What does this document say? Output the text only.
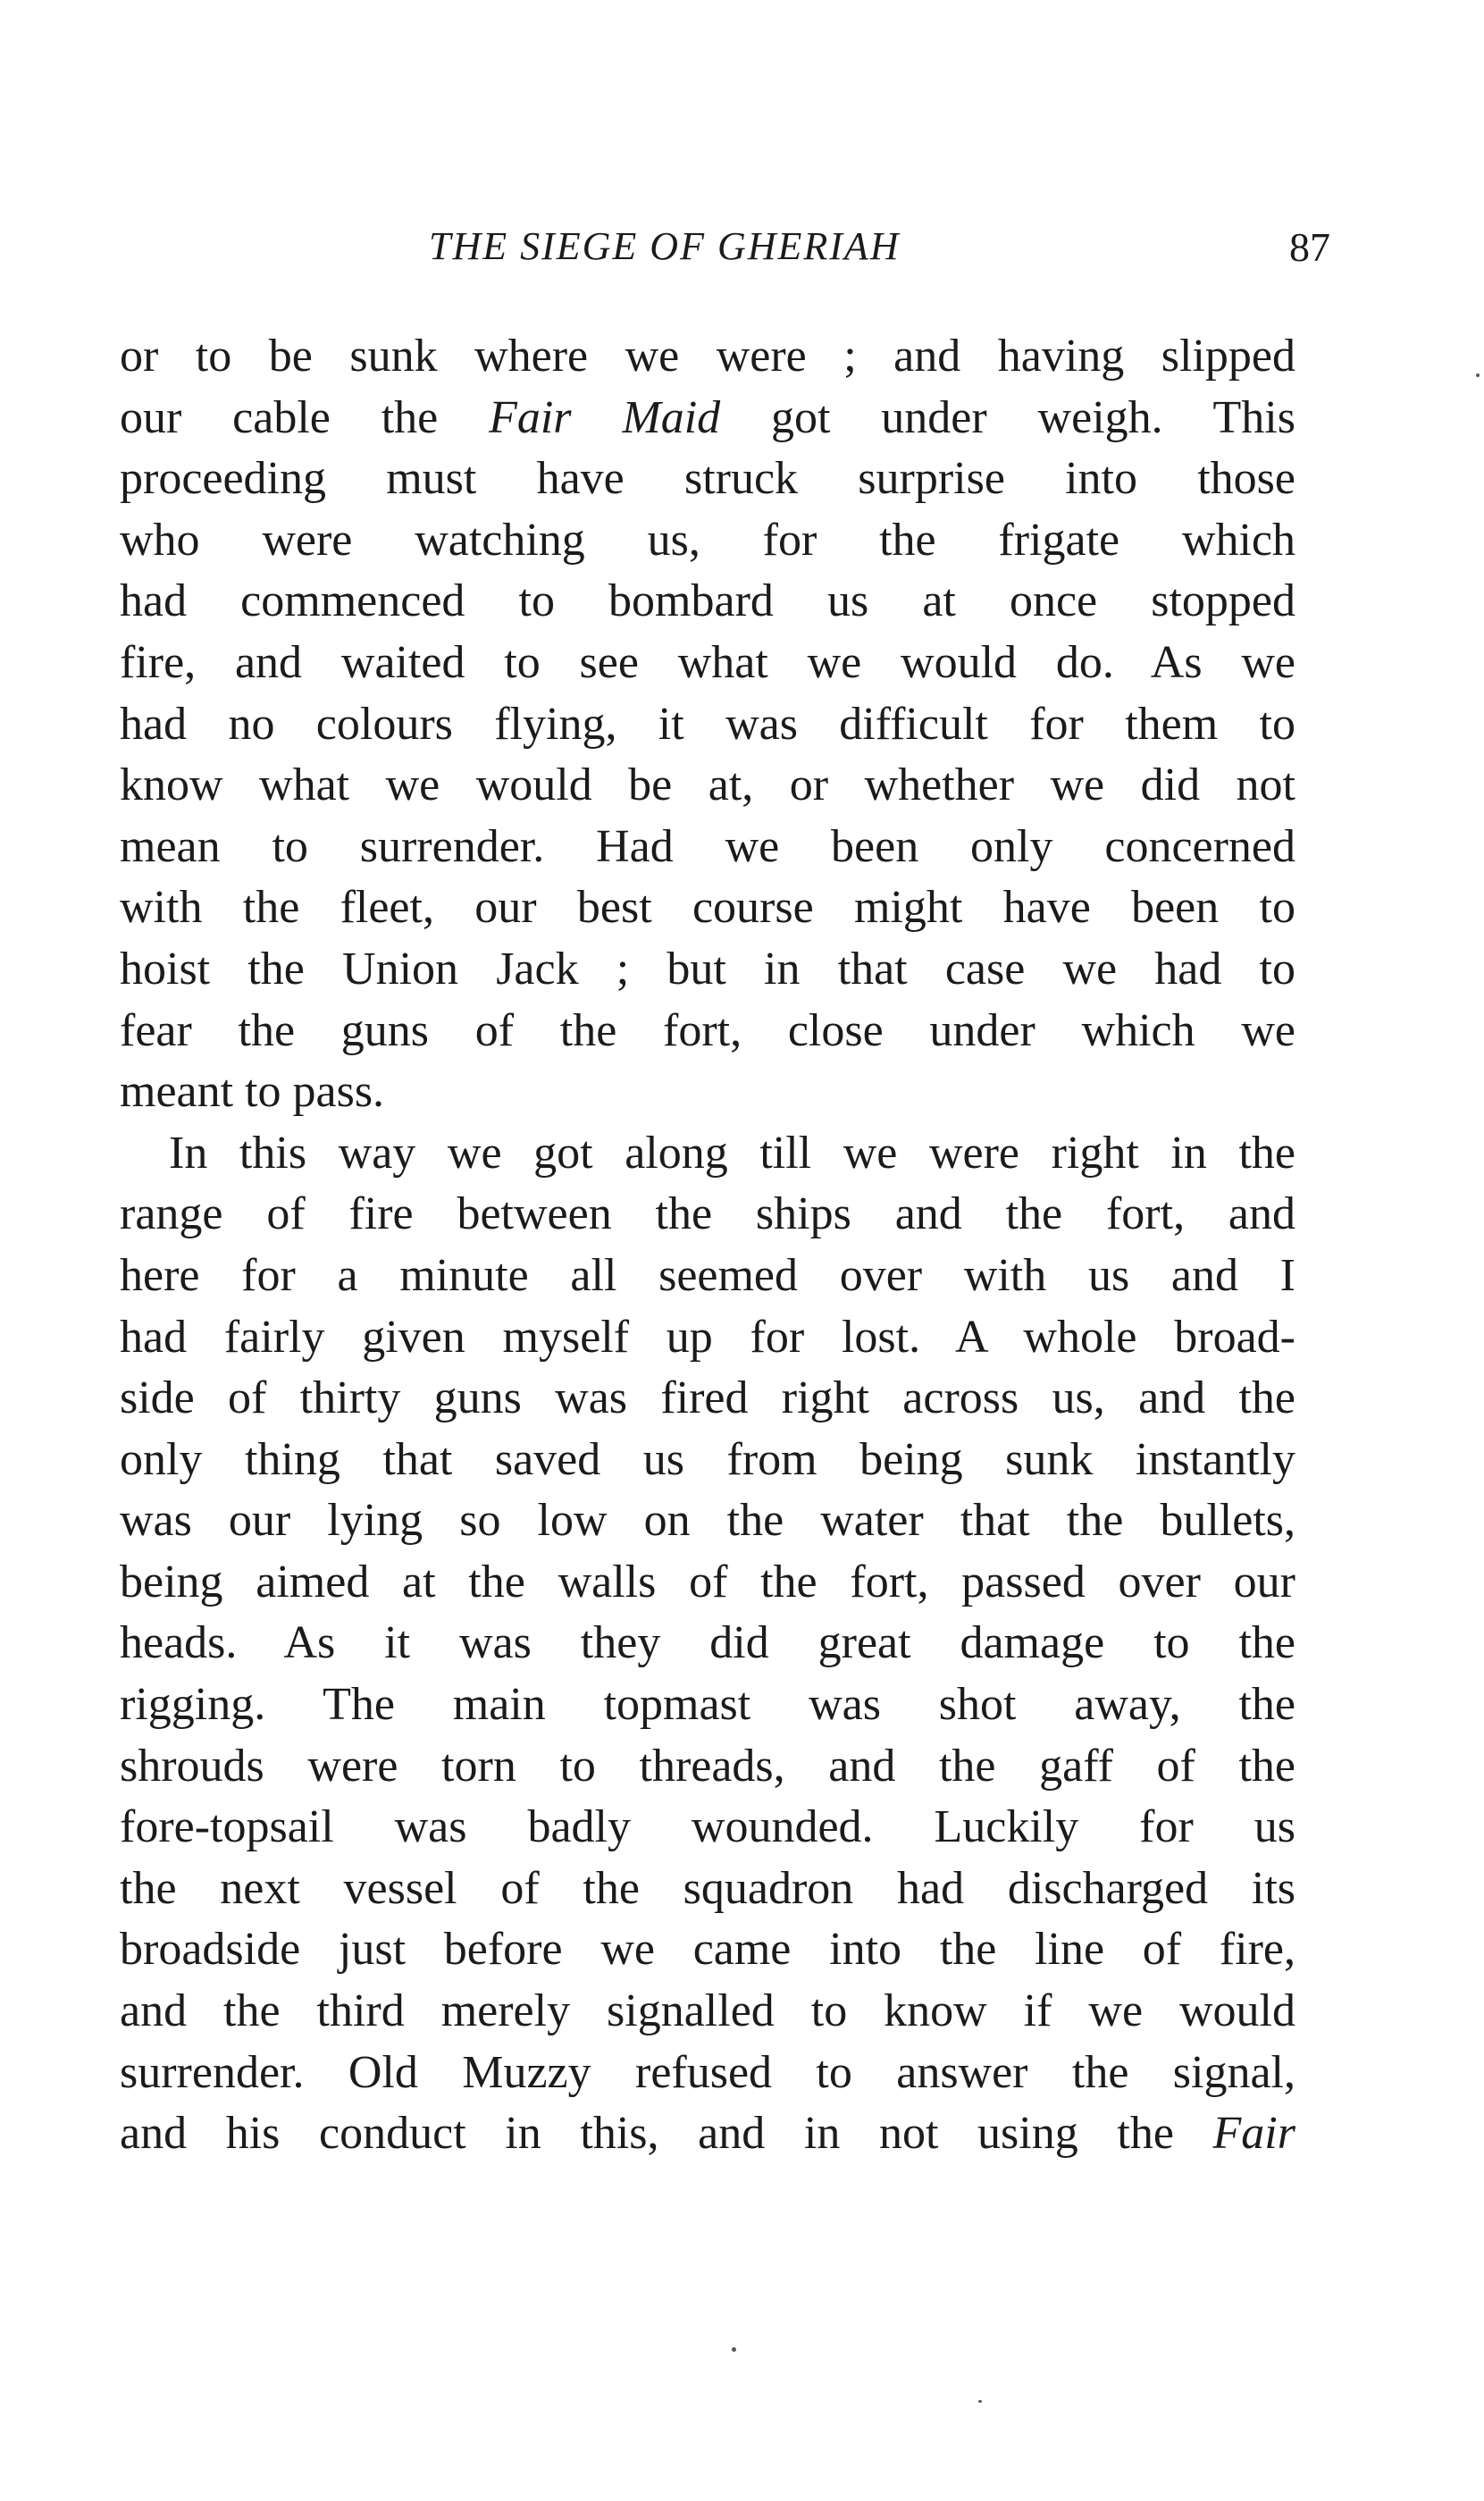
THE SIEGE OF GHERIAH	87
or to be sunk where we were ; and having slipped
our cable the Fair Maid got under weigh. This
proceeding must have struck surprise into those
who were watching us, for the frigate which
had commenced to bombard us at once stopped
fire, and waited to see what we would do. As we
had no colours flying, it was difficult for them to
know what we would be at, or whether we did not
mean to surrender. Had we been only concerned
with the fleet, our best course might have been to
hoist the Union Jack ; but in that case we had to
fear the guns of the fort, close under which we
meant to pass.
In this way we got along till we were right in the
range of fire between the ships and the fort, and
here for a minute all seemed over with us and I
had fairly given myself up for lost. A whole broad-
side of thirty guns was fired right across us, and the
only thing that saved us from being sunk instantly
was our lying so low on the water that the bullets,
being aimed at the walls of the fort, passed over our
heads. As it was they did great damage to the
rigging. The main topmast was shot away, the
shrouds were torn to threads, and the gaff of the
fore-topsail was badly wounded. Luckily for us
the next vessel of the squadron had discharged its
broadside just before we came into the line of fire,
and the third merely signalled to know if we would
surrender. Old Muzzy refused to answer the signal,
and his conduct in this, and in not using the Fair
